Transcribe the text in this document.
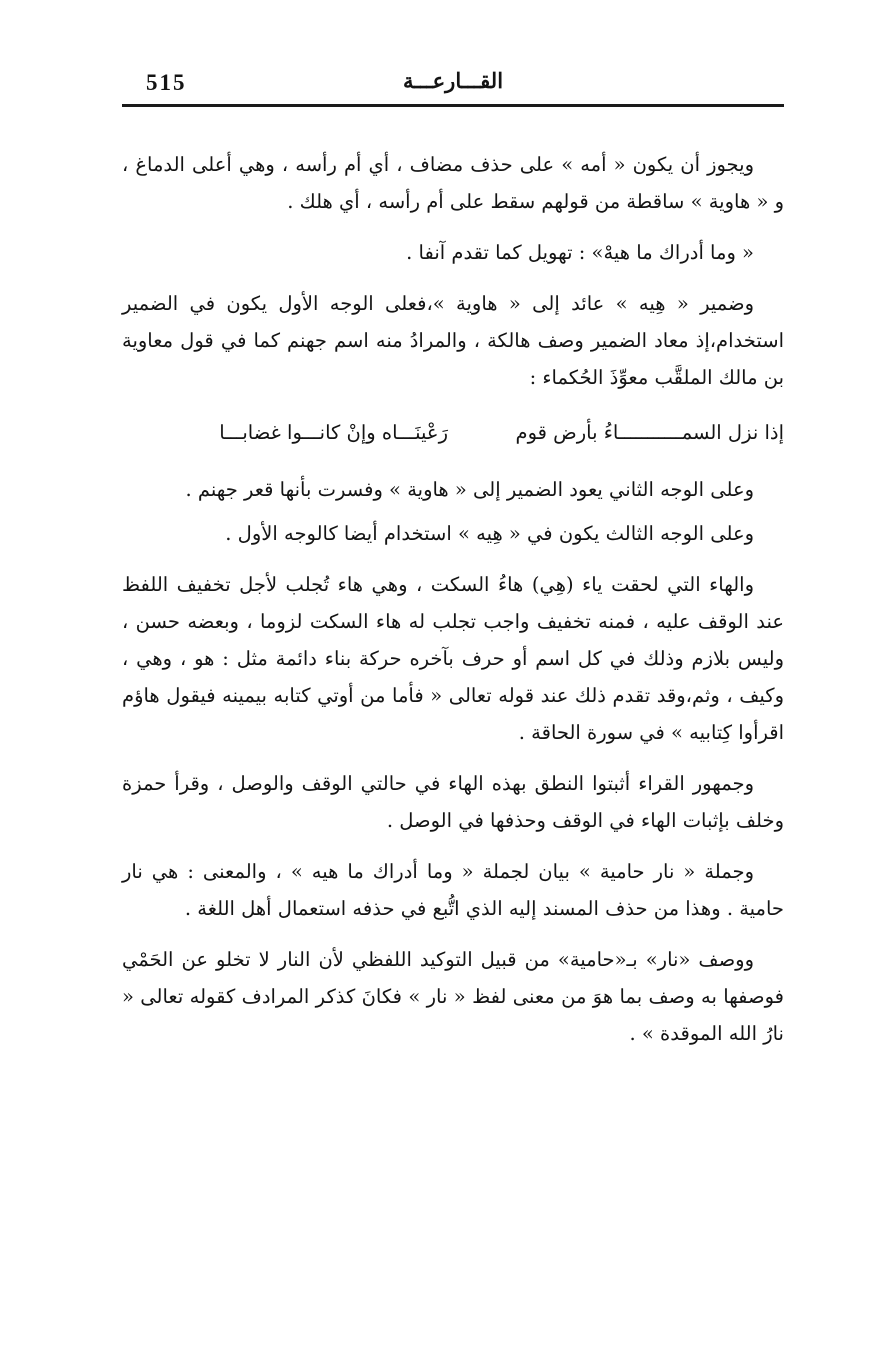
515	القـــارعـــة

ويجوز أن يكون « أمه » على حذف مضاف ، أي أم رأسه ، وهي أعلى الدماغ ، و « هاوية » ساقطة من قولهم سقط على أم رأسه ، أي هلك .

« وما أدراك ما هيهْ» : تهويل كما تقدم آنفا .

وضمير « هِيه » عائد إلى « هاوية »،فعلى الوجه الأول يكون في الضمير استخدام،إذ معاد الضمير وصف هالكة ، والمرادُ منه اسم جهنم كما في قول معاوية بن مالك الملقَّب معوِّذَ الحُكماء :

إذا نزل السمـــــــــــاءُ بأرض قوم
رَعْينَـــاه وإنْ كانـــوا غضابـــا

وعلى الوجه الثاني يعود الضمير إلى « هاوية » وفسرت بأنها قعر جهنم .

وعلى الوجه الثالث يكون في « هِيه » استخدام أيضا كالوجه الأول .

والهاء التي لحقت ياء (هِي) هاءُ السكت ، وهي هاء تُجلب لأجل تخفيف اللفظ عند الوقف عليه ، فمنه تخفيف واجب تجلب له هاء السكت لزوما ، وبعضه حسن ، وليس بلازم وذلك في كل اسم أو حرف بآخره حركة بناء دائمة مثل : هو ، وهي ، وكيف ، وثم،وقد تقدم ذلك عند قوله تعالى « فأما من أوتي كتابه بيمينه فيقول هاؤم اقرأوا كِتابيه » في سورة الحاقة .

وجمهور القراء أثبتوا النطق بهذه الهاء في حالتي الوقف والوصل ، وقرأ حمزة وخلف بإثبات الهاء في الوقف وحذفها في الوصل .

وجملة « نار حامية » بيان لجملة « وما أدراك ما هيه » ، والمعنى : هي نار حامية . وهذا من حذف المسند إليه الذي اتُّبع في حذفه استعمال أهل اللغة .

ووصف «نار» بـ«حامية» من قبيل التوكيد اللفظي لأن النار لا تخلو عن الحَمْي فوصفها به وصف بما هوَ من معنى لفظ « نار » فكانَ كذكر المرادف كقوله تعالى « نارُ الله الموقدة » .
